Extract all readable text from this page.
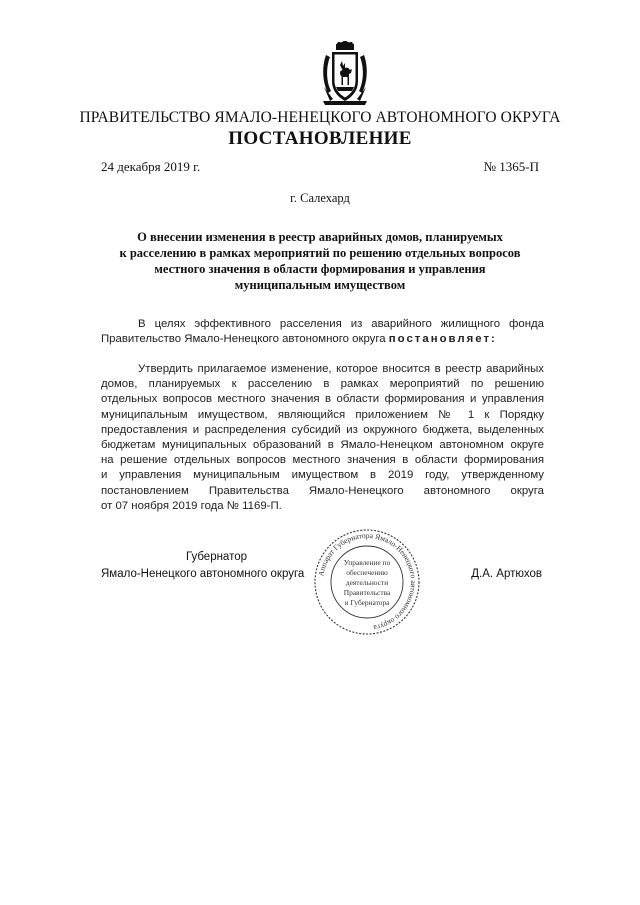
ПРАВИТЕЛЬСТВО ЯМАЛО-НЕНЕЦКОГО АВТОНОМНОГО ОКРУГА
ПОСТАНОВЛЕНИЕ
24 декабря 2019 г.	№ 1365-П
г. Салехард
О внесении изменения в реестр аварийных домов, планируемых
к расселению в рамках мероприятий по решению отдельных вопросов
местного значения в области формирования и управления
муниципальным имуществом
В целях эффективного расселения из аварийного жилищного фонда
Правительство Ямало-Ненецкого автономного округа постановляет:
Утвердить прилагаемое изменение, которое вносится в реестр аварийных
домов, планируемых к расселению в рамках мероприятий по решению
отдельных вопросов местного значения в области формирования и управления
муниципальным имуществом, являющийся приложением № 1 к Порядку
предоставления и распределения субсидий из окружного бюджета, выделенных
бюджетам муниципальных образований в Ямало-Ненецком автономном округе
на решение отдельных вопросов местного значения в области формирования
и управления муниципальным имуществом в 2019 году, утвержденному
постановлением Правительства Ямало-Ненецкого автономного округа
от 07 ноября 2019 года № 1169-П.
Аппарат Губернатора Ямало-Ненецкого автономного округа
Управление по
обеспечению
деятельности
Правительства
и Губернатора
Губернатор
Ямало-Ненецкого автономного округа	Д.А. Артюхов
